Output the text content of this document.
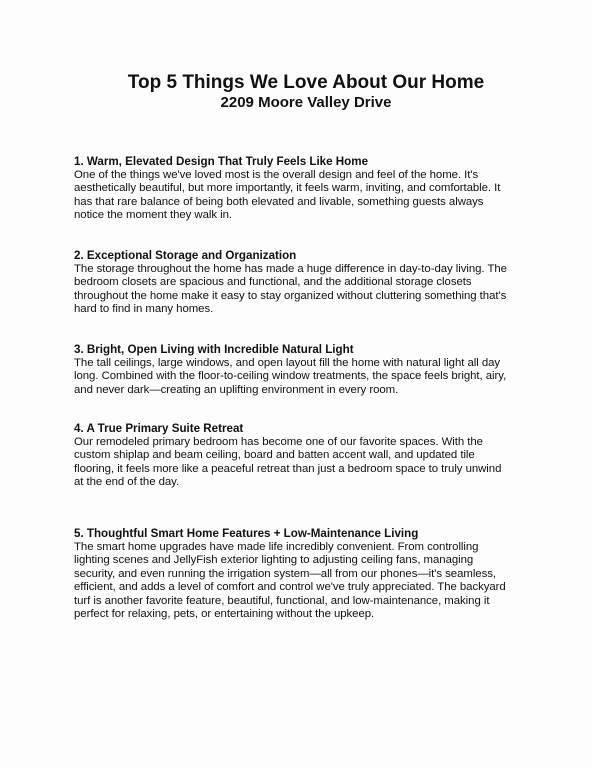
Top 5 Things We Love About Our Home
2209 Moore Valley Drive
1. Warm, Elevated Design That Truly Feels Like Home

One of the things we've loved most is the overall design and feel of the home. It's
aesthetically beautiful, but more importantly, it feels warm, inviting, and comfortable. It
has that rare balance of being both elevated and livable, something guests always
notice the moment they walk in.

2. Exceptional Storage and Organization

The storage throughout the home has made a huge difference in day-to-day living. The
bedroom closets are spacious and functional, and the additional storage closets
throughout the home make it easy to stay organized without cluttering something that's
hard to find in many homes.

3. Bright, Open Living with Incredible Natural Light

The tall ceilings, large windows, and open layout fill the home with natural light all day
long. Combined with the floor-to-ceiling window treatments, the space feels bright, airy,
and never dark—creating an uplifting environment in every room.

4. A True Primary Suite Retreat

Our remodeled primary bedroom has become one of our favorite spaces. With the
custom shiplap and beam ceiling, board and batten accent wall, and updated tile
flooring, it feels more like a peaceful retreat than just a bedroom space to truly unwind
at the end of the day.

5. Thoughtful Smart Home Features + Low-Maintenance Living

The smart home upgrades have made life incredibly convenient. From controlling
lighting scenes and JellyFish exterior lighting to adjusting ceiling fans, managing
security, and even running the irrigation system—all from our phones—it's seamless,
efficient, and adds a level of comfort and control we've truly appreciated. The backyard
turf is another favorite feature, beautiful, functional, and low-maintenance, making it
perfect for relaxing, pets, or entertaining without the upkeep.
